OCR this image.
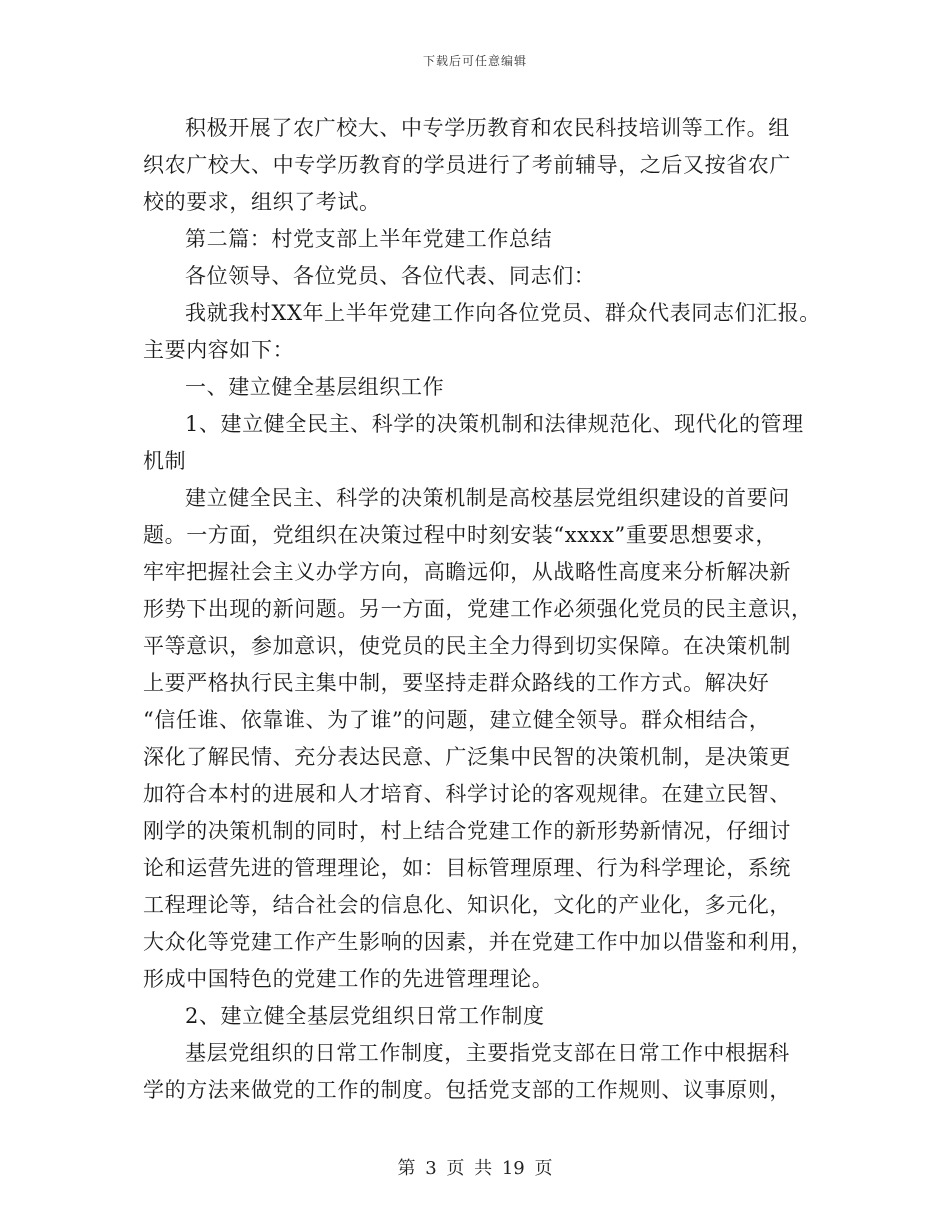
下载后可任意编辑
积极开展了农广校大、中专学历教育和农民科技培训等工作。组
织农广校大、中专学历教育的学员进行了考前辅导，之后又按省农广
校的要求，组织了考试。
第二篇：村党支部上半年党建工作总结
各位领导、各位党员、各位代表、同志们：
我就我村XX年上半年党建工作向各位党员、群众代表同志们汇报。
主要内容如下：
一、建立健全基层组织工作
1、建立健全民主、科学的决策机制和法律规范化、现代化的管理
机制
建立健全民主、科学的决策机制是高校基层党组织建设的首要问
题。一方面，党组织在决策过程中时刻安装“xxxx”重要思想要求，
牢牢把握社会主义办学方向，高瞻远仰，从战略性高度来分析解决新
形势下出现的新问题。另一方面，党建工作必须强化党员的民主意识，
平等意识，参加意识，使党员的民主全力得到切实保障。在决策机制
上要严格执行民主集中制，要坚持走群众路线的工作方式。解决好
“信任谁、依靠谁、为了谁”的问题，建立健全领导。群众相结合，
深化了解民情、充分表达民意、广泛集中民智的决策机制，是决策更
加符合本村的进展和人才培育、科学讨论的客观规律。在建立民智、
刚学的决策机制的同时，村上结合党建工作的新形势新情况，仔细讨
论和运营先进的管理理论，如：目标管理原理、行为科学理论，系统
工程理论等，结合社会的信息化、知识化，文化的产业化，多元化，
大众化等党建工作产生影响的因素，并在党建工作中加以借鉴和利用，
形成中国特色的党建工作的先进管理理论。
2、建立健全基层党组织日常工作制度
基层党组织的日常工作制度，主要指党支部在日常工作中根据科
学的方法来做党的工作的制度。包括党支部的工作规则、议事原则，
第 3 页 共 19 页
